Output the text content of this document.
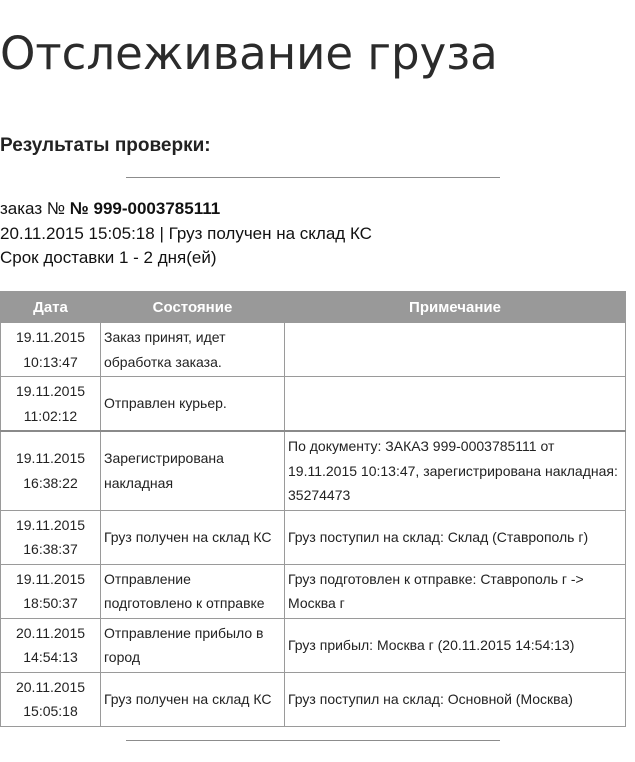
Отслеживание груза
Результаты проверки:
заказ № № 999-0003785111
20.11.2015 15:05:18 | Груз получен на склад КС
Срок доставки 1 - 2 дня(ей)
Дата	Состояние	Примечание

19.11.2015
10:13:47	Заказ принят, идет обработка заказа.	

19.11.2015
11:02:12	Отправлен курьер.	

19.11.2015
16:38:22	Зарегистрирована накладная	По документу: ЗАКАЗ 999-0003785111 от 19.11.2015 10:13:47, зарегистрирована накладная: 35274473

19.11.2015
16:38:37	Груз получен на склад КС	Груз поступил на склад: Склад (Ставрополь г)

19.11.2015
18:50:37	Отправление подготовлено к отправке	Груз подготовлен к отправке: Ставрополь г -> Москва г

20.11.2015
14:54:13	Отправление прибыло в город	Груз прибыл: Москва г (20.11.2015 14:54:13)

20.11.2015
15:05:18	Груз получен на склад КС	Груз поступил на склад: Основной (Москва)
